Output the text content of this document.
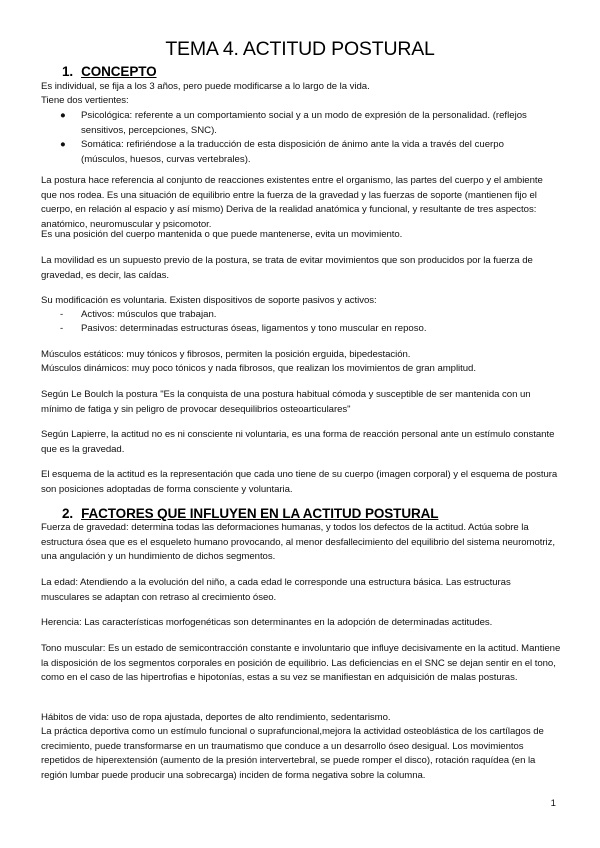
TEMA 4. ACTITUD POSTURAL
1. CONCEPTO
Es individual, se fija a los 3 años, pero puede modificarse a lo largo de la vida.
Tiene dos vertientes:
● Psicológica: referente a un comportamiento social y a un modo de expresión de la personalidad. (reflejos sensitivos, percepciones, SNC).
● Somática: refiriéndose a la traducción de esta disposición de ánimo ante la vida a través del cuerpo (músculos, huesos, curvas vertebrales).
La postura hace referencia al conjunto de reacciones existentes entre el organismo, las partes del cuerpo y el ambiente que nos rodea. Es una situación de equilibrio entre la fuerza de la gravedad y las fuerzas de soporte (mantienen fijo el cuerpo, en relación al espacio y así mismo) Deriva de la realidad anatómica y funcional, y resultante de tres aspectos: anatómico, neuromuscular y psicomotor.
Es una posición del cuerpo mantenida o que puede mantenerse, evita un movimiento.
La movilidad es un supuesto previo de la postura, se trata de evitar movimientos que son producidos por la fuerza de gravedad, es decir, las caídas.
Su modificación es voluntaria. Existen dispositivos de soporte pasivos y activos:
- Activos: músculos que trabajan.
- Pasivos: determinadas estructuras óseas, ligamentos y tono muscular en reposo.
Músculos estáticos: muy tónicos y fibrosos, permiten la posición erguida, bipedestación.
Músculos dinámicos: muy poco tónicos y nada fibrosos, que realizan los movimientos de gran amplitud.
Según Le Boulch la postura "Es la conquista de una postura habitual cómoda y susceptible de ser mantenida con un mínimo de fatiga y sin peligro de provocar desequilibrios osteoarticulares"
Según Lapierre, la actitud no es ni consciente ni voluntaria, es una forma de reacción personal ante un estímulo constante que es la gravedad.
El esquema de la actitud es la representación que cada uno tiene de su cuerpo (imagen corporal) y el esquema de postura son posiciones adoptadas de forma consciente y voluntaria.
2. FACTORES QUE INFLUYEN EN LA ACTITUD POSTURAL
Fuerza de gravedad: determina todas las deformaciones humanas, y todos los defectos de la actitud. Actúa sobre la estructura ósea que es el esqueleto humano provocando, al menor desfallecimiento del equilibrio del sistema neuromotriz, una angulación y un hundimiento de dichos segmentos.
La edad: Atendiendo a la evolución del niño, a cada edad le corresponde una estructura básica. Las estructuras musculares se adaptan con retraso al crecimiento óseo.
Herencia: Las características morfogenéticas son determinantes en la adopción de determinadas actitudes.
Tono muscular: Es un estado de semicontracción constante e involuntario que influye decisivamente en la actitud. Mantiene la disposición de los segmentos corporales en posición de equilibrio. Las deficiencias en el SNC se dejan sentir en el tono, como en el caso de las hipertrofias e hipotonías, estas a su vez se manifiestan en adquisición de malas posturas.
Hábitos de vida: uso de ropa ajustada, deportes de alto rendimiento, sedentarismo.
La práctica deportiva como un estímulo funcional o suprafuncional,mejora la actividad osteoblástica de los cartílagos de crecimiento, puede transformarse en un traumatismo que conduce a un desarrollo óseo desigual. Los movimientos repetidos de hiperextensión (aumento de la presión intervertebral, se puede romper el disco), rotación raquídea (en la región lumbar puede producir una sobrecarga) inciden de forma negativa sobre la columna.
1
